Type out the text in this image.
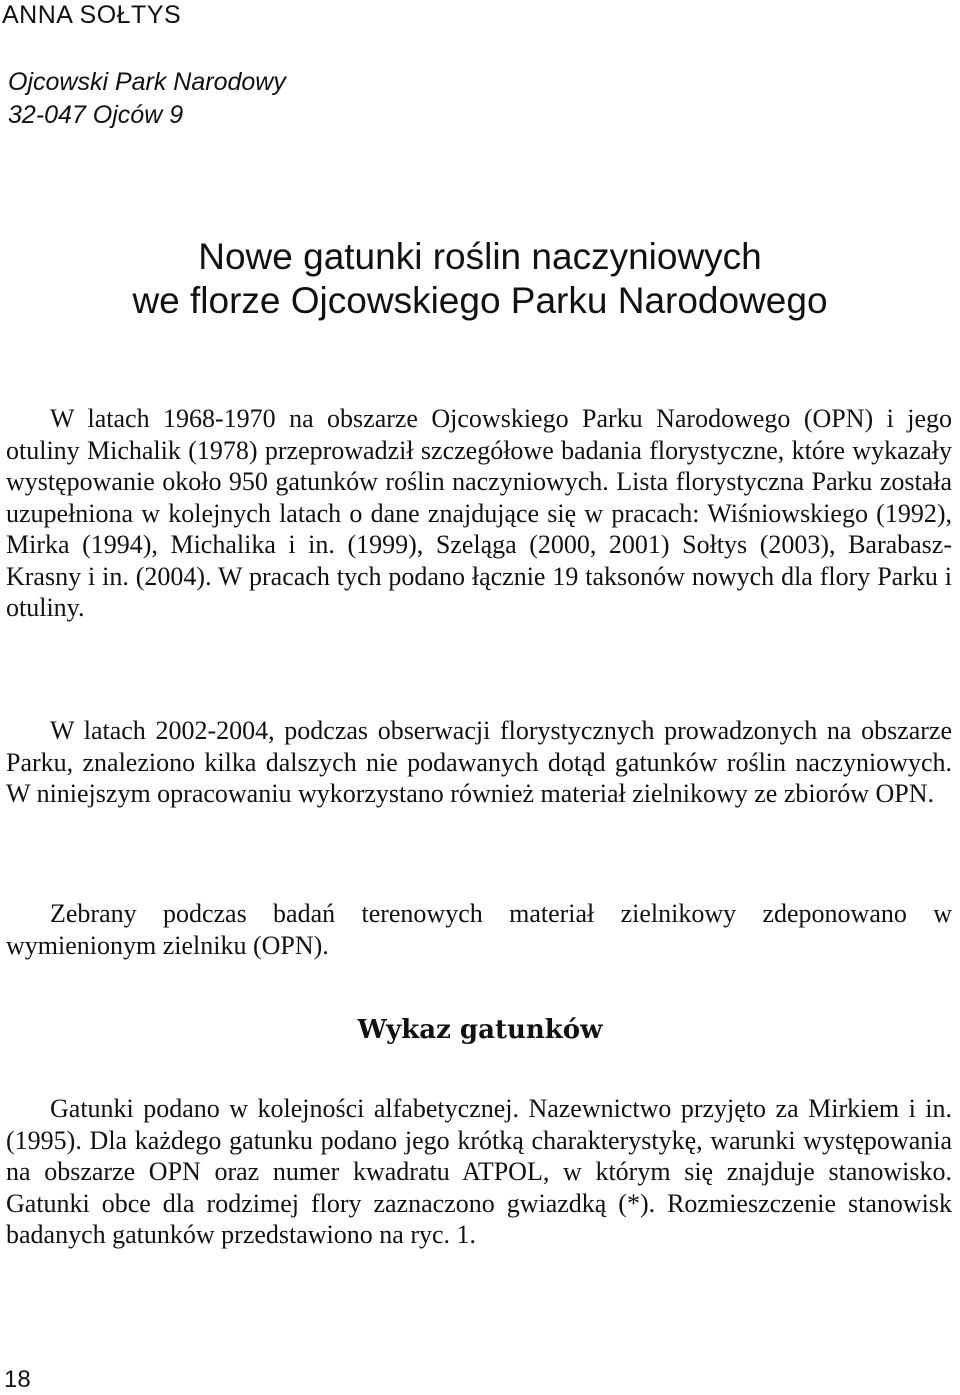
ANNA SOŁTYS
Ojcowski Park Narodowy
32-047 Ojców 9
Nowe gatunki roślin naczyniowych
we florze Ojcowskiego Parku Narodowego
W latach 1968-1970 na obszarze Ojcowskiego Parku Narodowego (OPN) i jego otuliny Michalik (1978) przeprowadził szczegółowe badania florystyczne, które wykazały występowanie około 950 gatunków roślin naczyniowych. Lista florystyczna Parku została uzupełniona w kolejnych latach o dane znajdujące się w pracach: Wiśniowskiego (1992), Mirka (1994), Michalika i in. (1999), Szeląga (2000, 2001) Sołtys (2003), Barabasz-Krasny i in. (2004). W pracach tych podano łącznie 19 taksonów nowych dla flory Parku i otuliny.
W latach 2002-2004, podczas obserwacji florystycznych prowadzonych na obszarze Parku, znaleziono kilka dalszych nie podawanych dotąd gatunków roślin naczyniowych. W niniejszym opracowaniu wykorzystano również materiał zielnikowy ze zbiorów OPN.
Zebrany podczas badań terenowych materiał zielnikowy zdeponowano w wymienionym zielniku (OPN).
Wykaz gatunków
Gatunki podano w kolejności alfabetycznej. Nazewnictwo przyjęto za Mirkiem i in. (1995). Dla każdego gatunku podano jego krótką charakterystykę, warunki występowania na obszarze OPN oraz numer kwadratu ATPOL, w którym się znajduje stanowisko. Gatunki obce dla rodzimej flory zaznaczono gwiazdką (*). Rozmieszczenie stanowisk badanych gatunków przedstawiono na ryc. 1.
18
